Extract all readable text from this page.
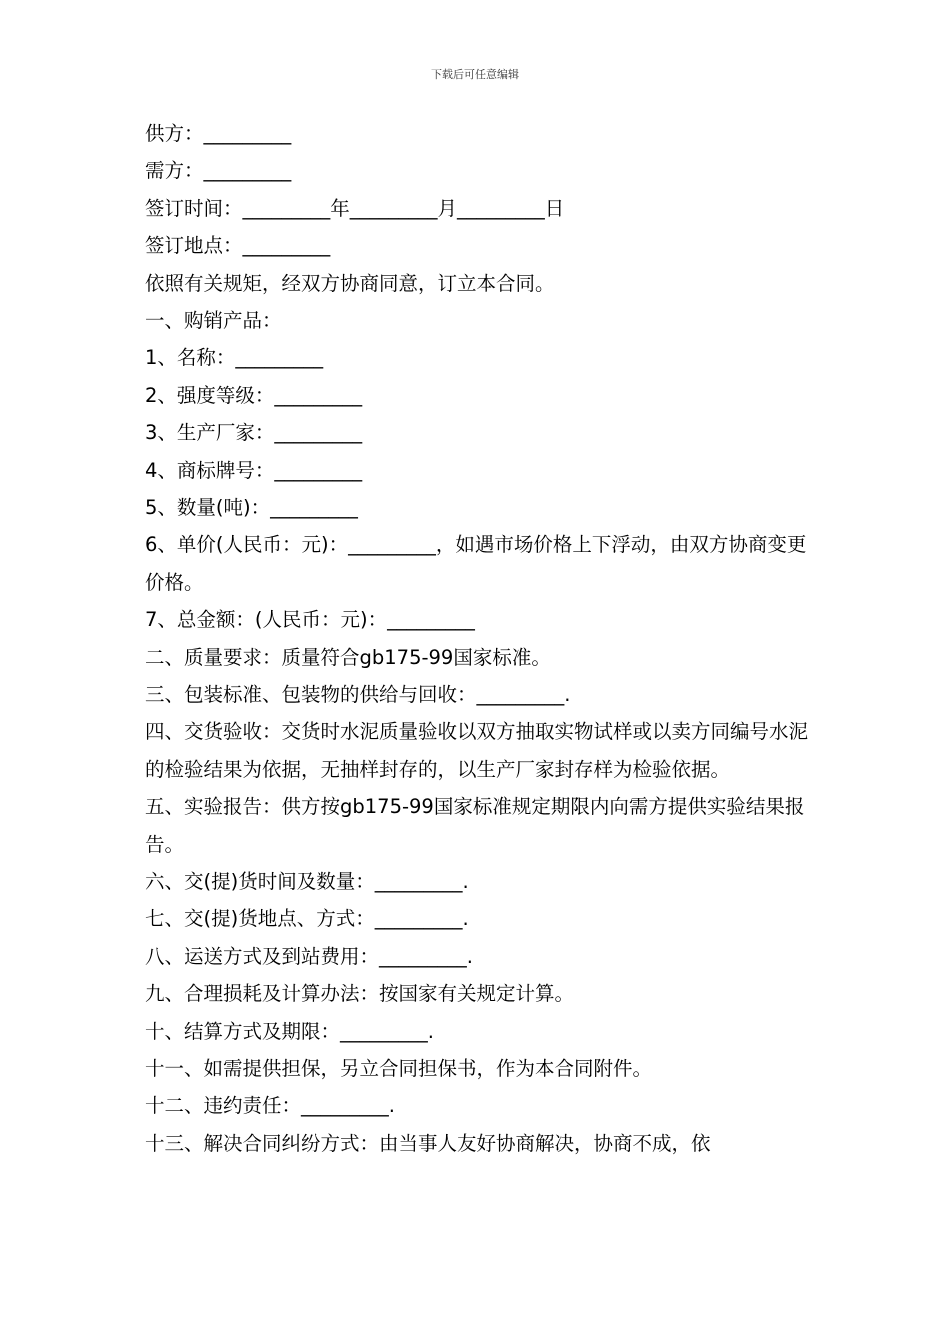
下载后可任意编辑
供方：_________
需方：_________
签订时间：_________年_________月_________日
签订地点：_________
依照有关规矩，经双方协商同意，订立本合同。
一、购销产品：
1、名称：_________
2、强度等级：_________
3、生产厂家：_________
4、商标牌号：_________
5、数量(吨)：_________
6、单价(人民币：元)：_________，如遇市场价格上下浮动，由双方协商变更价格。
7、总金额：(人民币：元)：_________
二、质量要求：质量符合gb175-99国家标准。
三、包装标准、包装物的供给与回收：_________.
四、交货验收：交货时水泥质量验收以双方抽取实物试样或以卖方同编号水泥的检验结果为依据，无抽样封存的，以生产厂家封存样为检验依据。
五、实验报告：供方按gb175-99国家标准规定期限内向需方提供实验结果报告。
六、交(提)货时间及数量：_________.
七、交(提)货地点、方式：_________.
八、运送方式及到站费用：_________.
九、合理损耗及计算办法：按国家有关规定计算。
十、结算方式及期限：_________.
十一、如需提供担保，另立合同担保书，作为本合同附件。
十二、违约责任：_________.
十三、解决合同纠纷方式：由当事人友好协商解决，协商不成，依
